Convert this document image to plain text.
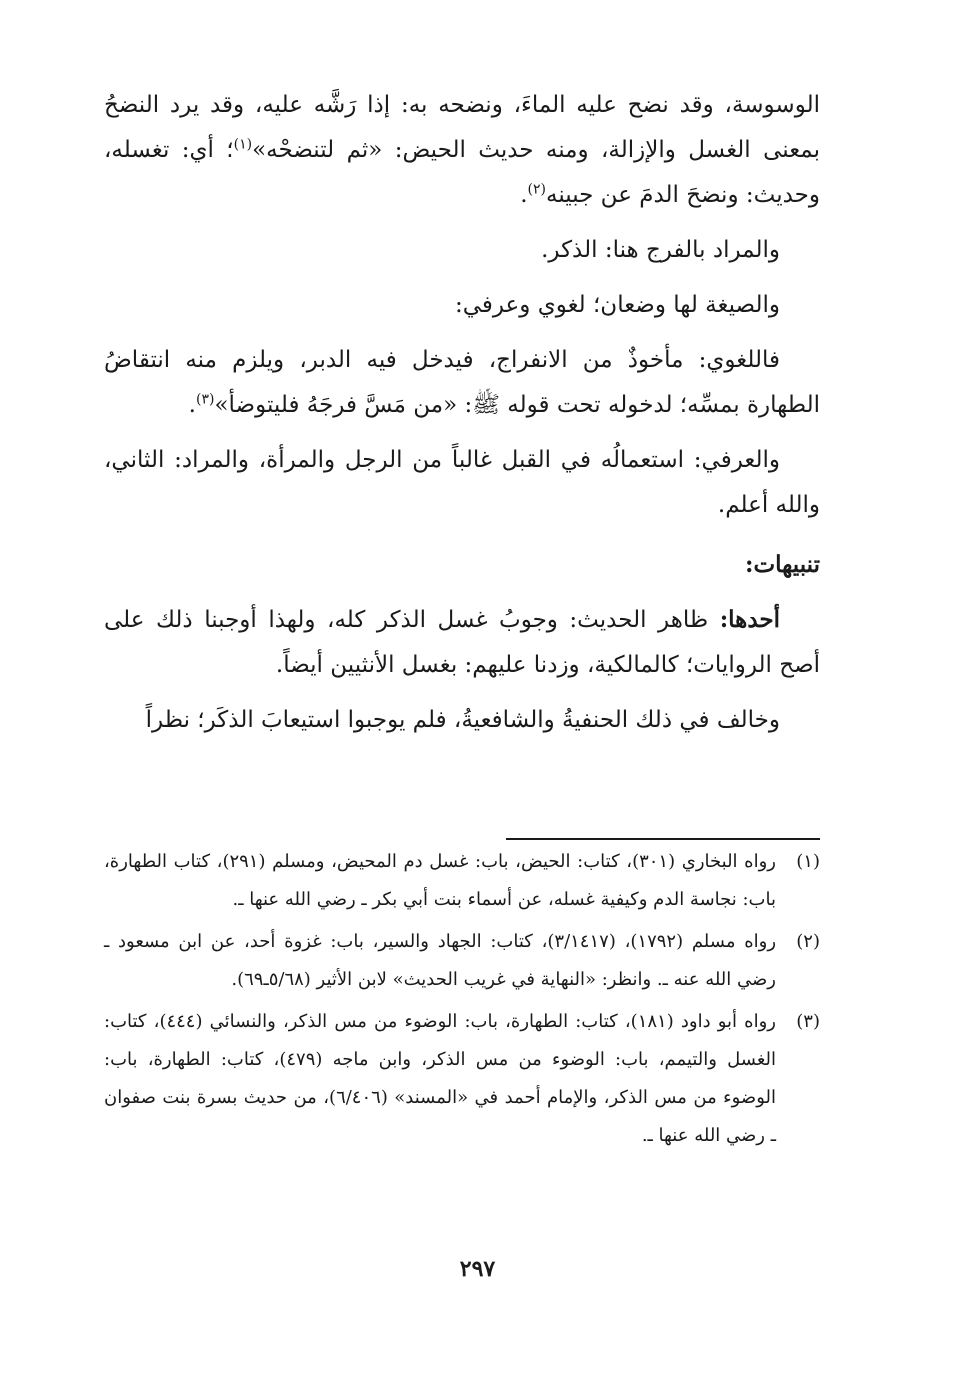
الوسوسة، وقد نضح عليه الماءَ، ونضحه به: إذا رَشَّه عليه، وقد يرد النضحُ بمعنى الغسل والإزالة، ومنه حديث الحيض: «ثم لتنضحْه»$^{(١)}$؛ أي: تغسله، وحديث: ونضحَ الدمَ عن جبينه$^{(٢)}$.

والمراد بالفرج هنا: الذكر.

والصيغة لها وضعان؛ لغوي وعرفي:

فاللغوي: مأخوذٌ من الانفراج، فيدخل فيه الدبر، ويلزم منه انتقاضُ الطهارة بمسِّه؛ لدخوله تحت قوله ﷺ: «من مَسَّ فرجَهُ فليتوضأ»$^{(٣)}$.

والعرفي: استعمالُه في القبل غالباً من الرجل والمرأة، والمراد: الثاني، والله أعلم.

تنبيهات:

أحدها: ظاهر الحديث: وجوبُ غسل الذكر كله، ولهذا أوجبنا ذلك على أصح الروايات؛ كالمالكية، وزدنا عليهم: بغسل الأنثيين أيضاً.

وخالف في ذلك الحنفيةُ والشافعيةُ، فلم يوجبوا استيعابَ الذكَر؛ نظراً

(١)
رواه البخاري (٣٠١)، كتاب: الحيض، باب: غسل دم المحيض، ومسلم (٢٩١)، كتاب الطهارة، باب: نجاسة الدم وكيفية غسله، عن أسماء بنت أبي بكر ـ رضي الله عنها ـ.
(٢)
رواه مسلم (١٧٩٢)، (٣/١٤١٧)، كتاب: الجهاد والسير، باب: غزوة أحد، عن ابن مسعود ـ رضي الله عنه ـ. وانظر: «النهاية في غريب الحديث» لابن الأثير (٥/٦٨ـ٦٩).
(٣)
رواه أبو داود (١٨١)، كتاب: الطهارة، باب: الوضوء من مس الذكر، والنسائي (٤٤٤)، كتاب: الغسل والتيمم، باب: الوضوء من مس الذكر، وابن ماجه (٤٧٩)، كتاب: الطهارة، باب: الوضوء من مس الذكر، والإمام أحمد في «المسند» (٦/٤٠٦)، من حديث بسرة بنت صفوان ـ رضي الله عنها ـ.
٢٩٧
